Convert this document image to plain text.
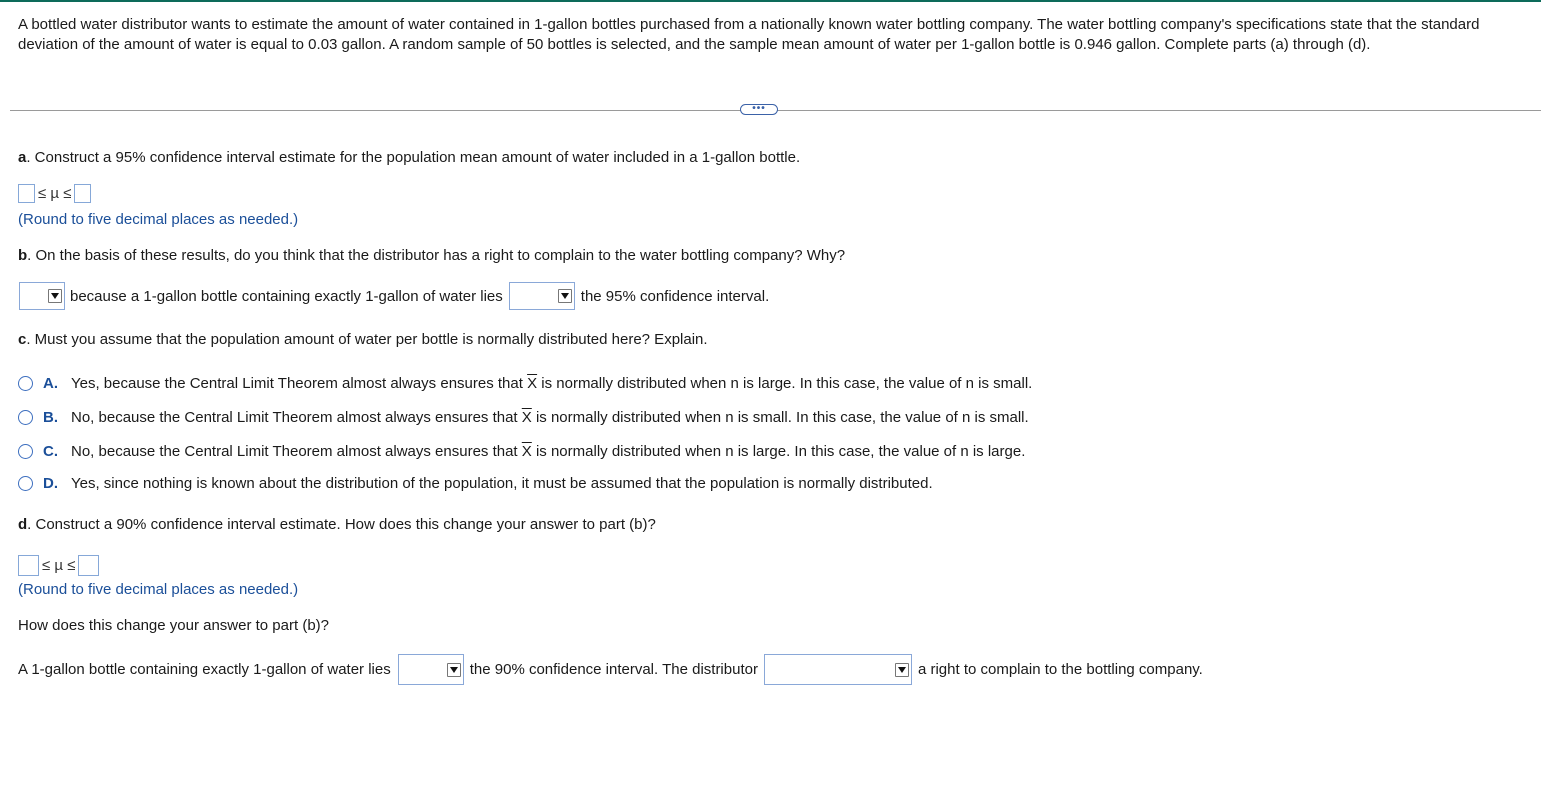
A bottled water distributor wants to estimate the amount of water contained in 1-gallon bottles purchased from a nationally known water bottling company. The water bottling company's specifications state that the standard deviation of the amount of water is equal to 0.03 gallon. A random sample of 50 bottles is selected, and the sample mean amount of water per 1-gallon bottle is 0.946 gallon. Complete parts (a) through (d).
•••
a. Construct a 95% confidence interval estimate for the population mean amount of water included in a 1-gallon bottle.
≤ µ ≤
(Round to five decimal places as needed.)
b. On the basis of these results, do you think that the distributor has a right to complain to the water bottling company? Why?
because a 1-gallon bottle containing exactly 1-gallon of water lies	the 95% confidence interval.
c. Must you assume that the population amount of water per bottle is normally distributed here? Explain.
A. Yes, because the Central Limit Theorem almost always ensures that $\overline{X}$ is normally distributed when n is large. In this case, the value of n is small.
B. No, because the Central Limit Theorem almost always ensures that $\overline{X}$ is normally distributed when n is small. In this case, the value of n is small.
C. No, because the Central Limit Theorem almost always ensures that $\overline{X}$ is normally distributed when n is large. In this case, the value of n is large.
D. Yes, since nothing is known about the distribution of the population, it must be assumed that the population is normally distributed.
d. Construct a 90% confidence interval estimate. How does this change your answer to part (b)?
≤ µ ≤
(Round to five decimal places as needed.)
How does this change your answer to part (b)?
A 1-gallon bottle containing exactly 1-gallon of water lies	the 90% confidence interval. The distributor	a right to complain to the bottling company.
